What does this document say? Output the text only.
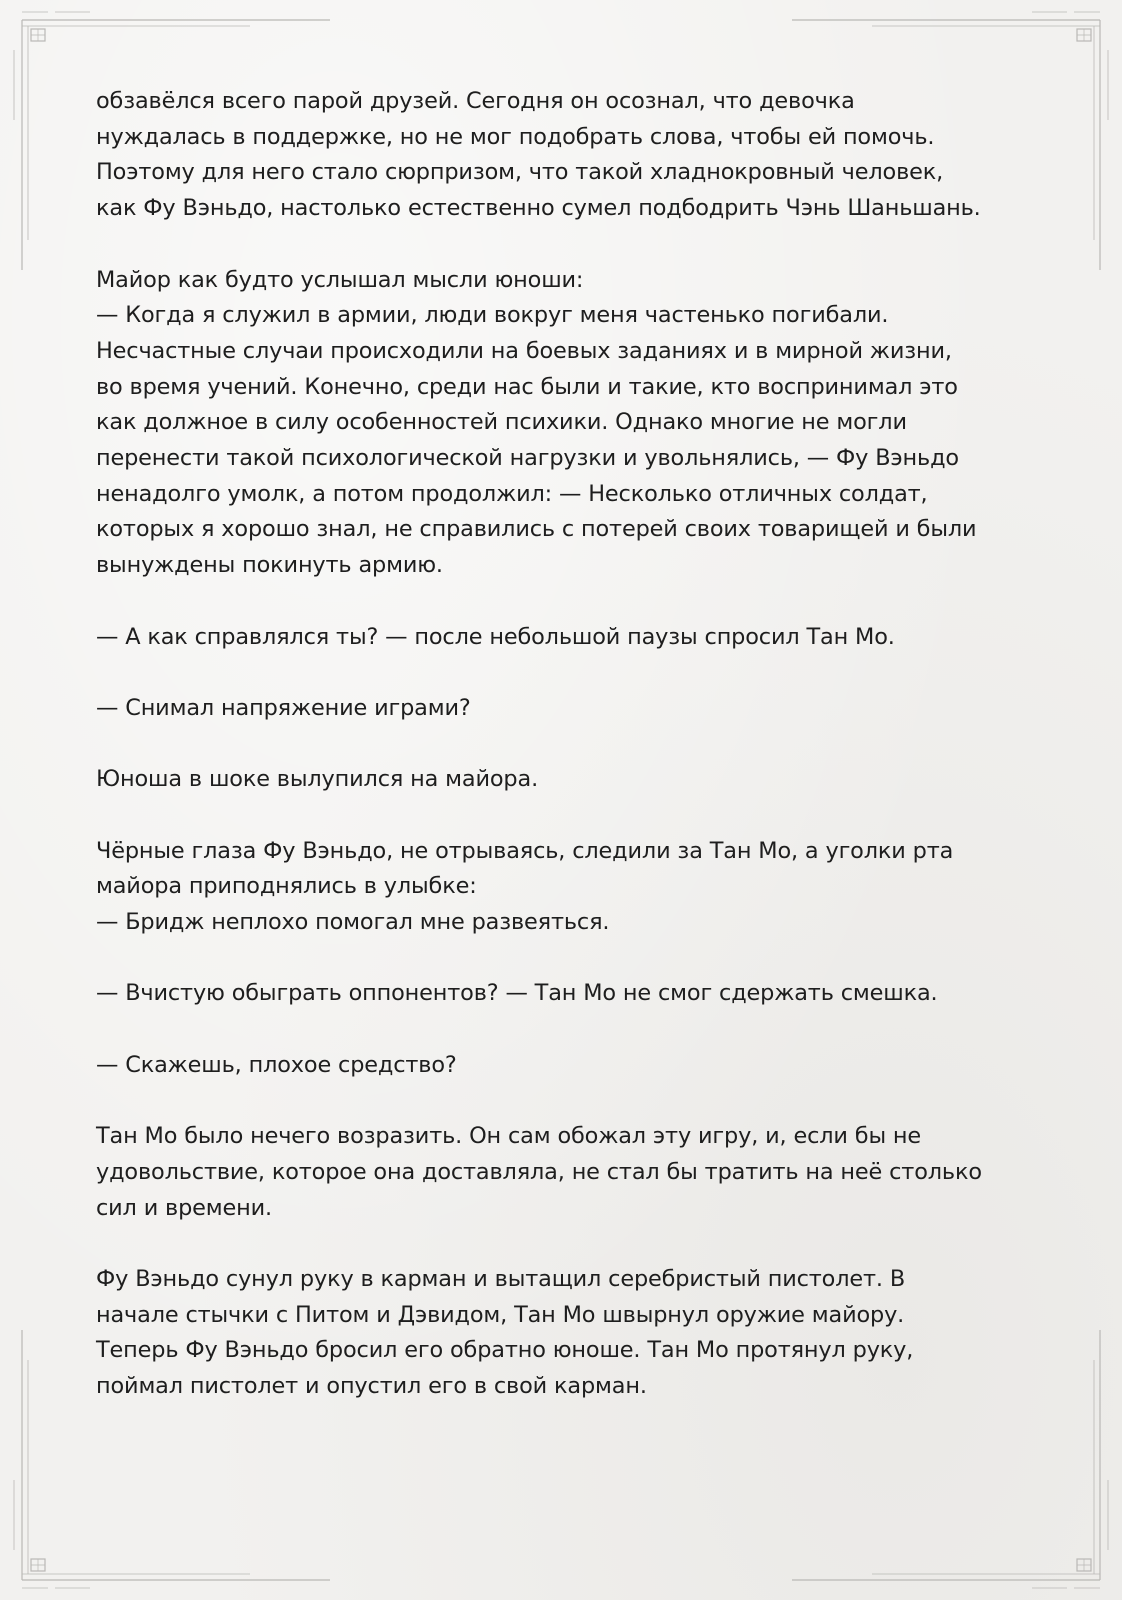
обзавёлся всего парой друзей. Сегодня он осознал, что девочка
нуждалась в поддержке, но не мог подобрать слова, чтобы ей помочь.
Поэтому для него стало сюрпризом, что такой хладнокровный человек,
как Фу Вэньдо, настолько естественно сумел подбодрить Чэнь Шаньшань.

Майор как будто услышал мысли юноши:
— Когда я служил в армии, люди вокруг меня частенько погибали.
Несчастные случаи происходили на боевых заданиях и в мирной жизни,
во время учений. Конечно, среди нас были и такие, кто воспринимал это
как должное в силу особенностей психики. Однако многие не могли
перенести такой психологической нагрузки и увольнялись, — Фу Вэньдо
ненадолго умолк, а потом продолжил: — Несколько отличных солдат,
которых я хорошо знал, не справились с потерей своих товарищей и были
вынуждены покинуть армию.

— А как справлялся ты? — после небольшой паузы спросил Тан Мо.

— Снимал напряжение играми?

Юноша в шоке вылупился на майора.

Чёрные глаза Фу Вэньдо, не отрываясь, следили за Тан Мо, а уголки рта
майора приподнялись в улыбке:
— Бридж неплохо помогал мне развеяться.

— Вчистую обыграть оппонентов? — Тан Мо не смог сдержать смешка.

— Скажешь, плохое средство?

Тан Мо было нечего возразить. Он сам обожал эту игру, и, если бы не
удовольствие, которое она доставляла, не стал бы тратить на неё столько
сил и времени.

Фу Вэньдо сунул руку в карман и вытащил серебристый пистолет. В
начале стычки с Питом и Дэвидом, Тан Мо швырнул оружие майору.
Теперь Фу Вэньдо бросил его обратно юноше. Тан Мо протянул руку,
поймал пистолет и опустил его в свой карман.
